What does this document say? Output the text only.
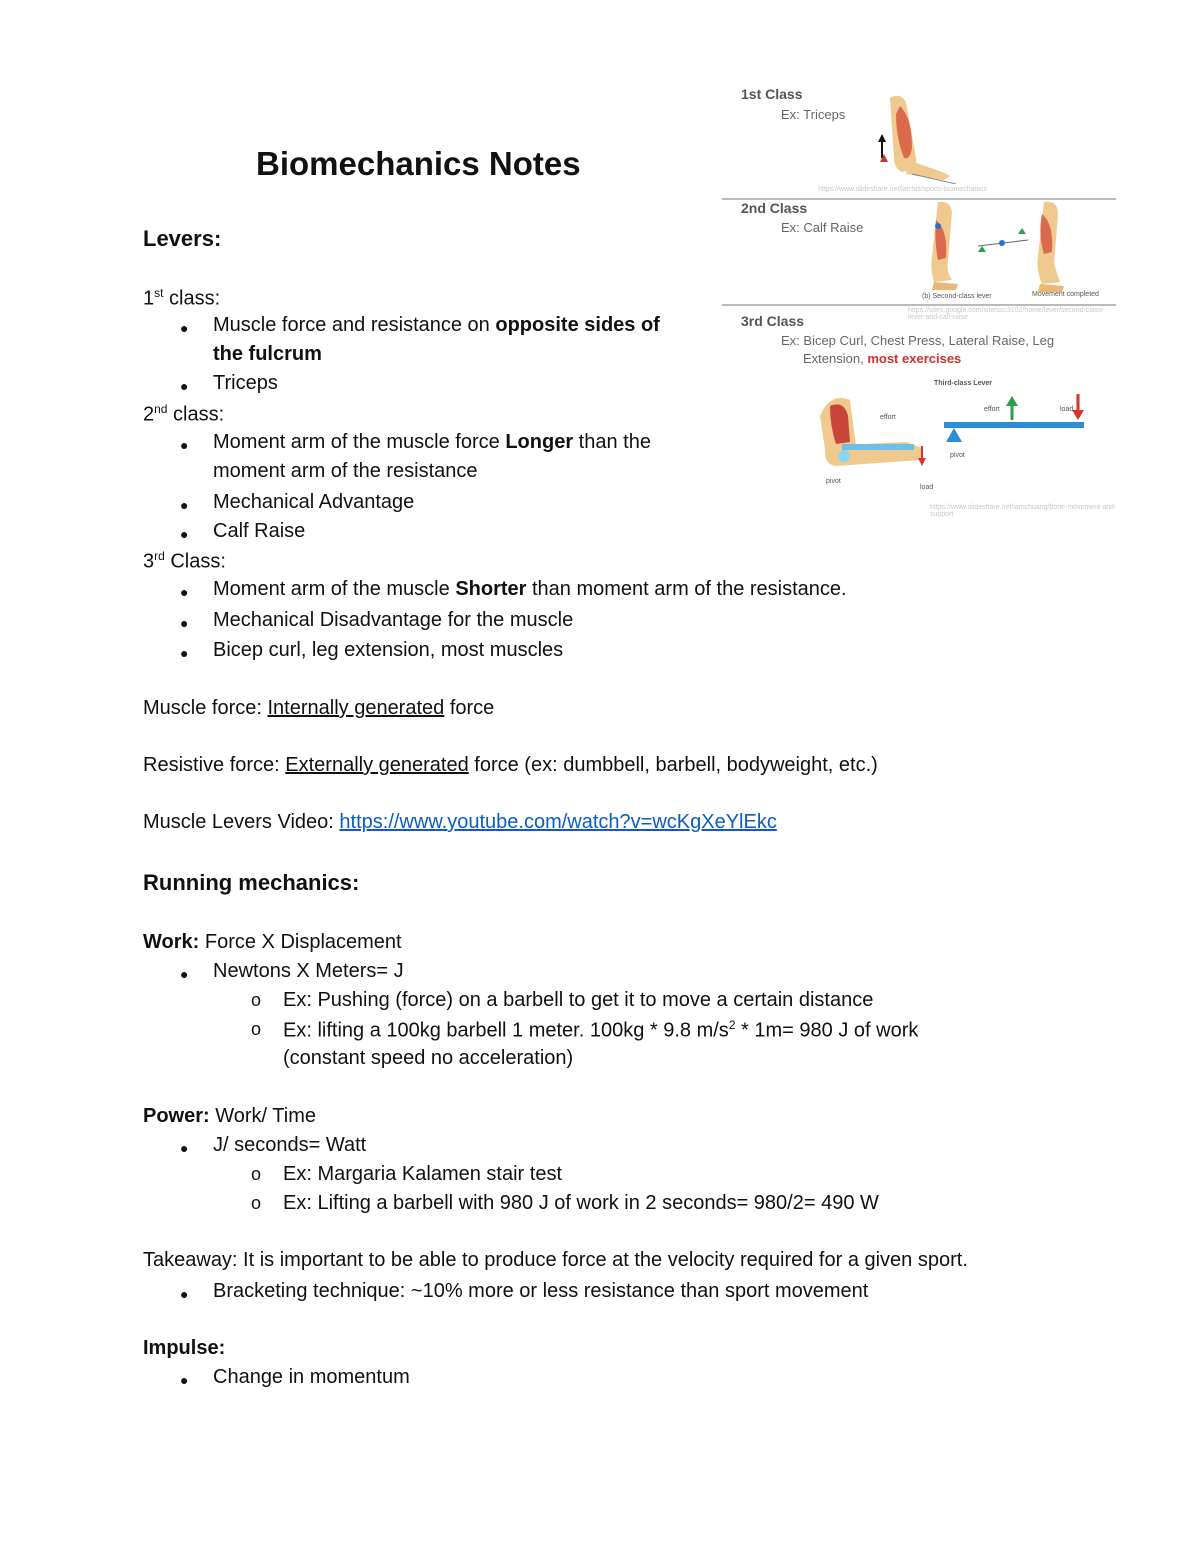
Biomechanics Notes
1st Class
Ex: Triceps
https://www.slideshare.net/larrhol/sports-biomechanics
2nd Class
Ex: Calf Raise
(b) Second-class lever	Movement completed
https://sites.google.com/site/ssc3102/home/lever/second-class-lever-and-calf-raise
3rd Class
Ex: Bicep Curl, Chest Press, Lateral Raise, Leg
Extension, most exercises
Third-class Lever
effort
effort	load
pivot
pivot
load
https://www.slideshare.net/iamchuang/bone-movement-and-support
Levers:
1st class:
● Muscle force and resistance on opposite sides of
the fulcrum
● Triceps
2nd class:
● Moment arm of the muscle force Longer than the
moment arm of the resistance
● Mechanical Advantage
● Calf Raise
3rd Class:
● Moment arm of the muscle Shorter than moment arm of the resistance.
● Mechanical Disadvantage for the muscle
● Bicep curl, leg extension, most muscles
Muscle force: Internally generated force
Resistive force: Externally generated force (ex: dumbbell, barbell, bodyweight, etc.)
Muscle Levers Video: https://www.youtube.com/watch?v=wcKgXeYlEkc
Running mechanics:
Work: Force X Displacement
● Newtons X Meters= J
o Ex: Pushing (force) on a barbell to get it to move a certain distance
o Ex: lifting a 100kg barbell 1 meter. 100kg * 9.8 $m/s^2 * 1m= 980$ J of work
(constant speed no acceleration)
Power: Work/ Time
● J/ seconds= Watt
o Ex: Margaria Kalamen stair test
o Ex: Lifting a barbell with 980 J of work in 2 seconds= 980/2= 490 W
Takeaway: It is important to be able to produce force at the velocity required for a given sport.
● Bracketing technique: ~10% more or less resistance than sport movement
Impulse:
● Change in momentum
